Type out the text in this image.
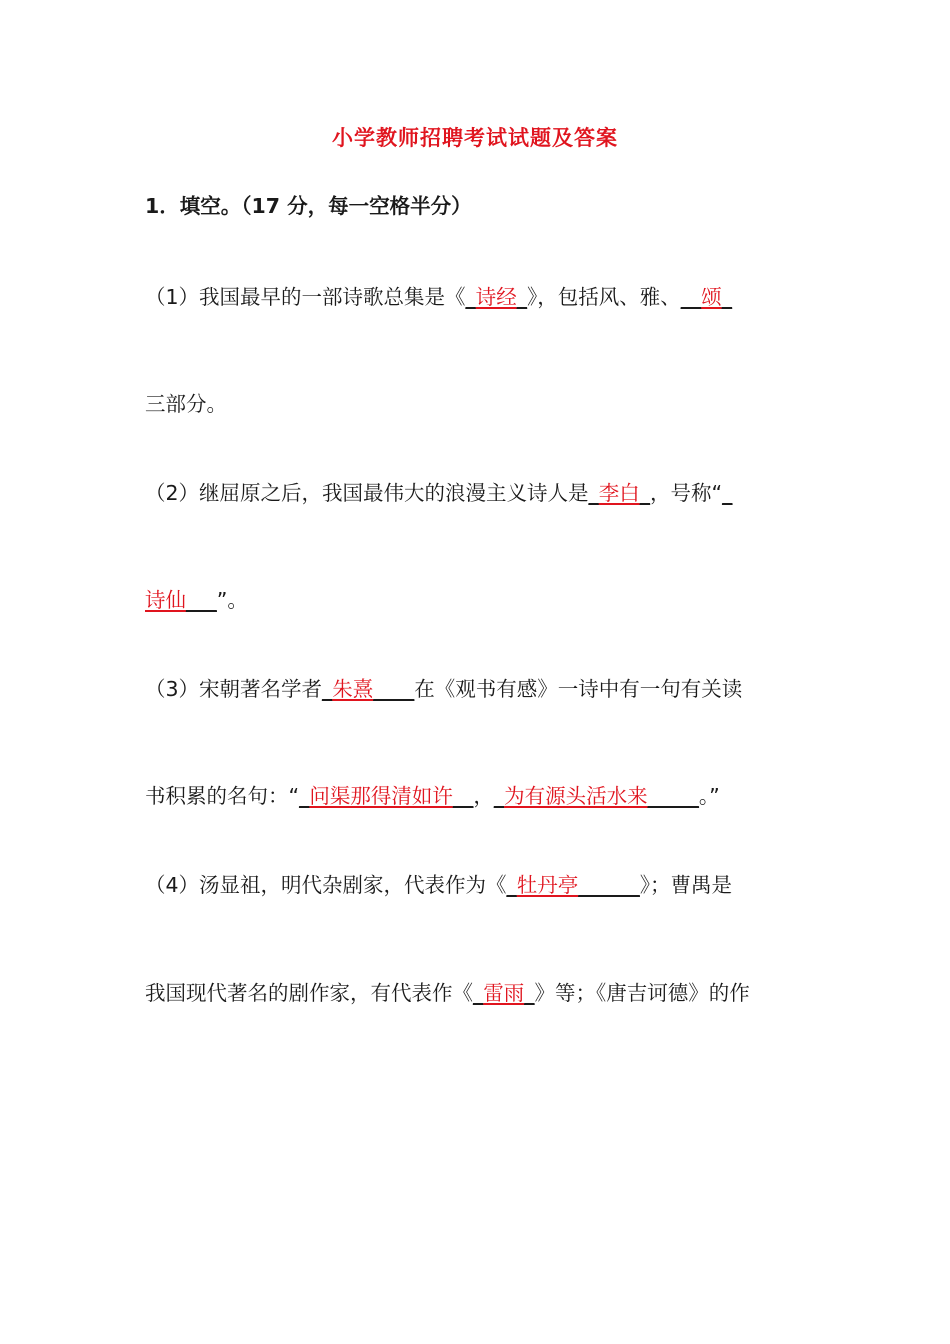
小学教师招聘考试试题及答案
1．填空。（17 分，每一空格半分）
（1）我国最早的一部诗歌总集是《_诗经_》，包括风、雅、__颂_
三部分。
（2）继屈原之后，我国最伟大的浪漫主义诗人是_李白_，号称“_
诗仙___”。
（3）宋朝著名学者_朱熹____在《观书有感》一诗中有一句有关读
书积累的名句：“_问渠那得清如许__，_为有源头活水来_____。”
（4）汤显祖，明代杂剧家，代表作为《_牡丹亭______》；曹禺是
我国现代著名的剧作家，有代表作《_雷雨_》等；《唐吉诃德》的作
